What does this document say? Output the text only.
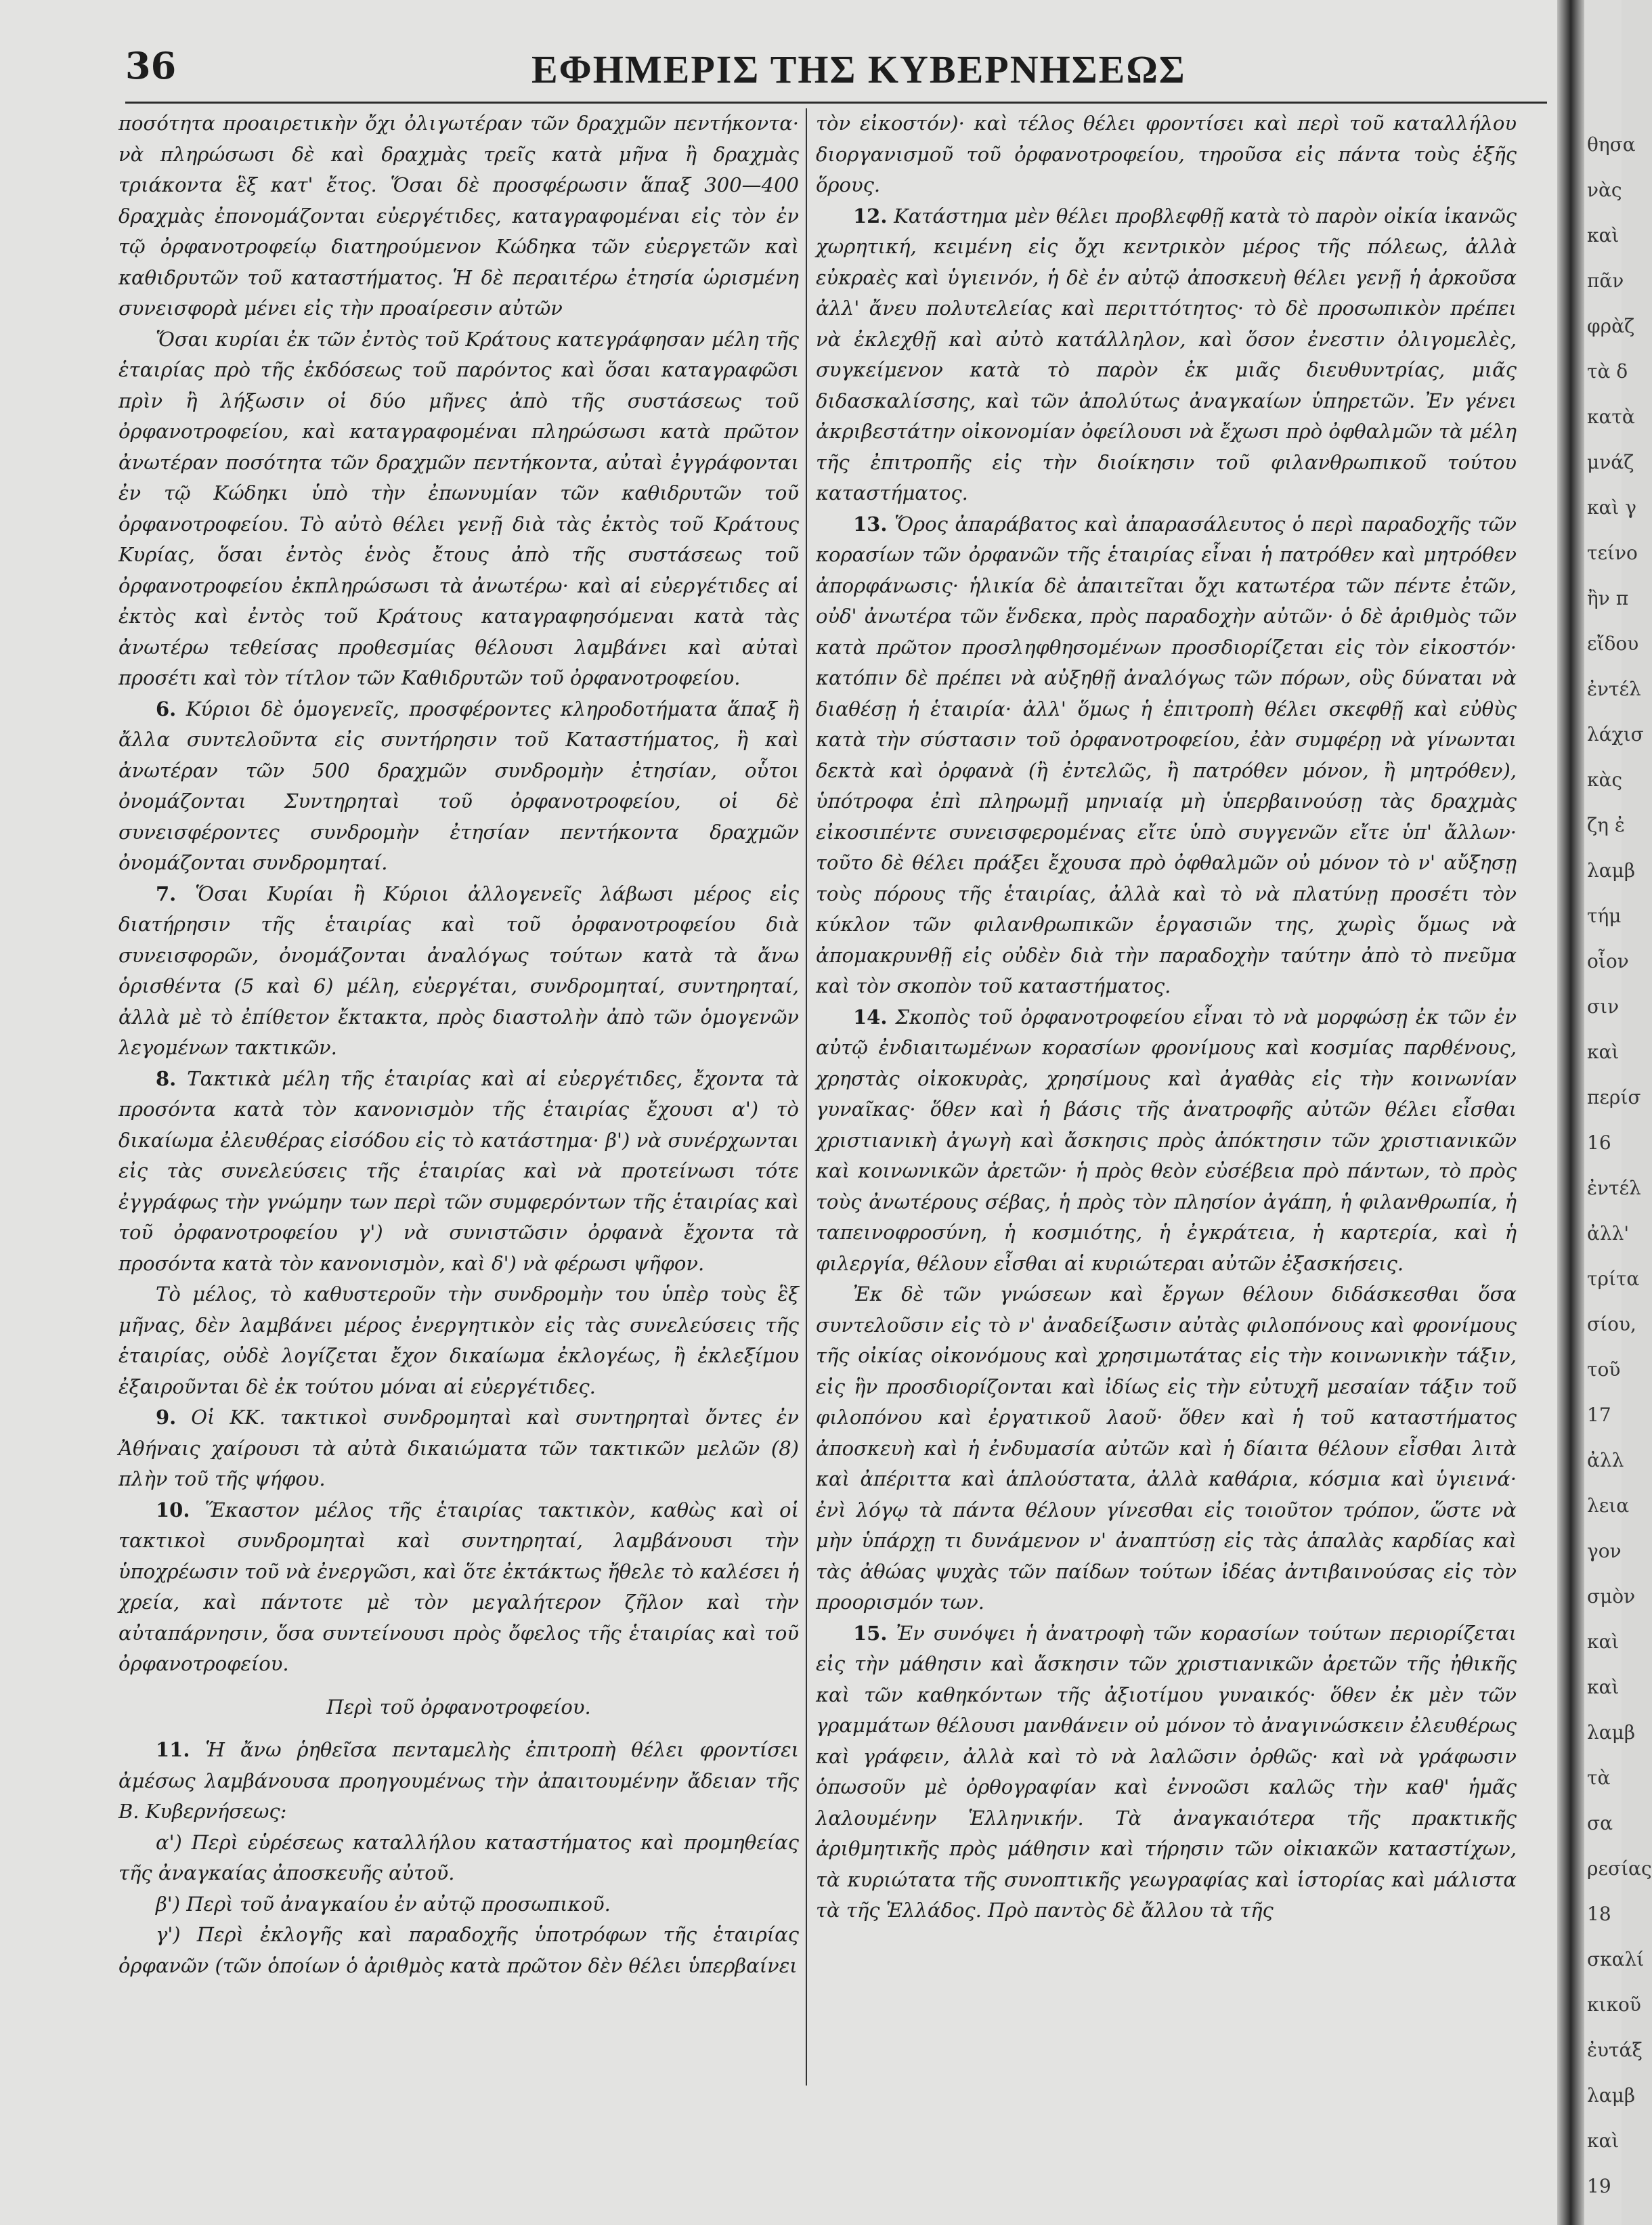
36	ΕΦΗΜΕΡΙΣ ΤΗΣ ΚΥΒΕΡΝΗΣΕΩΣ

ποσότητα προαιρετικὴν ὄχι ὀλιγωτέραν τῶν δραχμῶν πεντήκοντα· νὰ πληρώσωσι δὲ καὶ δραχμὰς τρεῖς κατὰ μῆνα ἢ δραχμὰς τριάκοντα ἓξ κατ' ἔτος. Ὅσαι δὲ προσφέρωσιν ἅπαξ 300—400 δραχμὰς ἐπονομάζονται εὐεργέτιδες, καταγραφομέναι εἰς τὸν ἐν τῷ ὀρφανοτροφείῳ διατηρούμενον Κώδηκα τῶν εὐεργετῶν καὶ καθιδρυτῶν τοῦ καταστήματος. Ἡ δὲ περαιτέρω ἐτησία ὡρισμένη συνεισφορὰ μένει εἰς τὴν προαίρεσιν αὐτῶν

Ὅσαι κυρίαι ἐκ τῶν ἐντὸς τοῦ Κράτους κατεγράφησαν μέλη τῆς ἑταιρίας πρὸ τῆς ἐκδόσεως τοῦ παρόντος καὶ ὅσαι καταγραφῶσι πρὶν ἢ λήξωσιν οἱ δύο μῆνες ἀπὸ τῆς συστάσεως τοῦ ὀρφανοτροφείου, καὶ καταγραφομέναι πληρώσωσι κατὰ πρῶτον ἀνωτέραν ποσότητα τῶν δραχμῶν πεντήκοντα, αὐταὶ ἐγγράφονται ἐν τῷ Κώδηκι ὑπὸ τὴν ἐπωνυμίαν τῶν καθιδρυτῶν τοῦ ὀρφανοτροφείου. Τὸ αὐτὸ θέλει γενῇ διὰ τὰς ἐκτὸς τοῦ Κράτους Κυρίας, ὅσαι ἐντὸς ἑνὸς ἔτους ἀπὸ τῆς συστάσεως τοῦ ὀρφανοτροφείου ἐκπληρώσωσι τὰ ἀνωτέρω· καὶ αἱ εὐεργέτιδες αἱ ἐκτὸς καὶ ἐντὸς τοῦ Κράτους καταγραφησόμεναι κατὰ τὰς ἀνωτέρω τεθείσας προθεσμίας θέλουσι λαμβάνει καὶ αὐταὶ προσέτι καὶ τὸν τίτλον τῶν Καθιδρυτῶν τοῦ ὀρφανοτροφείου.

6. Κύριοι δὲ ὁμογενεῖς, προσφέροντες κληροδοτήματα ἅπαξ ἢ ἄλλα συντελοῦντα εἰς συντήρησιν τοῦ Καταστήματος, ἢ καὶ ἀνωτέραν τῶν 500 δραχμῶν συνδρομὴν ἐτησίαν, οὗτοι ὀνομάζονται Συντηρηταὶ τοῦ ὀρφανοτροφείου, οἱ δὲ συνεισφέροντες συνδρομὴν ἐτησίαν πεντήκοντα δραχμῶν ὀνομάζονται συνδρομηταί.

7. Ὅσαι Κυρίαι ἢ Κύριοι ἀλλογενεῖς λάβωσι μέρος εἰς διατήρησιν τῆς ἑταιρίας καὶ τοῦ ὀρφανοτροφείου διὰ συνεισφορῶν, ὀνομάζονται ἀναλόγως τούτων κατὰ τὰ ἄνω ὁρισθέντα (5 καὶ 6) μέλη, εὐεργέται, συνδρομηταί, συντηρηταί, ἀλλὰ μὲ τὸ ἐπίθετον ἔκτακτα, πρὸς διαστολὴν ἀπὸ τῶν ὁμογενῶν λεγομένων τακτικῶν.

8. Τακτικὰ μέλη τῆς ἑταιρίας καὶ αἱ εὐεργέτιδες, ἔχοντα τὰ προσόντα κατὰ τὸν κανονισμὸν τῆς ἑταιρίας ἔχουσι α') τὸ δικαίωμα ἐλευθέρας εἰσόδου εἰς τὸ κατάστημα· β') νὰ συνέρχωνται εἰς τὰς συνελεύσεις τῆς ἑταιρίας καὶ νὰ προτείνωσι τότε ἐγγράφως τὴν γνώμην των περὶ τῶν συμφερόντων τῆς ἑταιρίας καὶ τοῦ ὀρφανοτροφείου γ') νὰ συνιστῶσιν ὀρφανὰ ἔχοντα τὰ προσόντα κατὰ τὸν κανονισμὸν, καὶ δ') νὰ φέρωσι ψῆφον.

Τὸ μέλος, τὸ καθυστεροῦν τὴν συνδρομὴν του ὑπὲρ τοὺς ἓξ μῆνας, δὲν λαμβάνει μέρος ἐνεργητικὸν εἰς τὰς συνελεύσεις τῆς ἑταιρίας, οὐδὲ λογίζεται ἔχον δικαίωμα ἐκλογέως, ἢ ἐκλεξίμου ἐξαιροῦνται δὲ ἐκ τούτου μόναι αἱ εὐεργέτιδες.

9. Οἱ ΚΚ. τακτικοὶ συνδρομηταὶ καὶ συντηρηταὶ ὄντες ἐν Ἀθήναις χαίρουσι τὰ αὐτὰ δικαιώματα τῶν τακτικῶν μελῶν (8) πλὴν τοῦ τῆς ψήφου.

10. Ἕκαστον μέλος τῆς ἑταιρίας τακτικὸν, καθὼς καὶ οἱ τακτικοὶ συνδρομηταὶ καὶ συντηρηταί, λαμβάνουσι τὴν ὑποχρέωσιν τοῦ νὰ ἐνεργῶσι, καὶ ὅτε ἐκτάκτως ἤθελε τὸ καλέσει ἡ χρεία, καὶ πάντοτε μὲ τὸν μεγαλήτερον ζῆλον καὶ τὴν αὐταπάρνησιν, ὅσα συντείνουσι πρὸς ὄφελος τῆς ἑταιρίας καὶ τοῦ ὀρφανοτροφείου.

Περὶ τοῦ ὀρφανοτροφείου.

11. Ἡ ἄνω ῥηθεῖσα πενταμελὴς ἐπιτροπὴ θέλει φροντίσει ἀμέσως λαμβάνουσα προηγουμένως τὴν ἀπαιτουμένην ἄδειαν τῆς Β. Κυβερνήσεως:

α') Περὶ εὑρέσεως καταλλήλου καταστήματος καὶ προμηθείας τῆς ἀναγκαίας ἀποσκευῆς αὐτοῦ.

β') Περὶ τοῦ ἀναγκαίου ἐν αὐτῷ προσωπικοῦ.

γ') Περὶ ἐκλογῆς καὶ παραδοχῆς ὑποτρόφων τῆς ἑταιρίας ὀρφανῶν (τῶν ὁποίων ὁ ἀριθμὸς κατὰ πρῶτον δὲν θέλει ὑπερβαίνει

τὸν εἰκοστόν)· καὶ τέλος θέλει φροντίσει καὶ περὶ τοῦ καταλλήλου διοργανισμοῦ τοῦ ὀρφανοτροφείου, τηροῦσα εἰς πάντα τοὺς ἑξῆς ὅρους.

12. Κατάστημα μὲν θέλει προβλεφθῇ κατὰ τὸ παρὸν οἰκία ἱκανῶς χωρητική, κειμένη εἰς ὄχι κεντρικὸν μέρος τῆς πόλεως, ἀλλὰ εὐκραὲς καὶ ὑγιεινόν, ἡ δὲ ἐν αὐτῷ ἀποσκευὴ θέλει γενῇ ἡ ἀρκοῦσα ἀλλ' ἄνευ πολυτελείας καὶ περιττότητος· τὸ δὲ προσωπικὸν πρέπει νὰ ἐκλεχθῇ καὶ αὐτὸ κατάλληλον, καὶ ὅσον ἐνεστιν ὀλιγομελὲς, συγκείμενον κατὰ τὸ παρὸν ἐκ μιᾶς διευθυντρίας, μιᾶς διδασκαλίσσης, καὶ τῶν ἀπολύτως ἀναγκαίων ὑπηρετῶν. Ἐν γένει ἀκριβεστάτην οἰκονομίαν ὀφείλουσι νὰ ἔχωσι πρὸ ὀφθαλμῶν τὰ μέλη τῆς ἐπιτροπῆς εἰς τὴν διοίκησιν τοῦ φιλανθρωπικοῦ τούτου καταστήματος.

13. Ὅρος ἀπαράβατος καὶ ἀπαρασάλευτος ὁ περὶ παραδοχῆς τῶν κορασίων τῶν ὀρφανῶν τῆς ἑταιρίας εἶναι ἡ πατρόθεν καὶ μητρόθεν ἀπορφάνωσις· ἡλικία δὲ ἀπαιτεῖται ὄχι κατωτέρα τῶν πέντε ἐτῶν, οὐδ' ἀνωτέρα τῶν ἕνδεκα, πρὸς παραδοχὴν αὐτῶν· ὁ δὲ ἀριθμὸς τῶν κατὰ πρῶτον προσληφθησομένων προσδιορίζεται εἰς τὸν εἰκοστόν· κατόπιν δὲ πρέπει νὰ αὐξηθῇ ἀναλόγως τῶν πόρων, οὓς δύναται νὰ διαθέσῃ ἡ ἑταιρία· ἀλλ' ὅμως ἡ ἐπιτροπὴ θέλει σκεφθῇ καὶ εὐθὺς κατὰ τὴν σύστασιν τοῦ ὀρφανοτροφείου, ἐὰν συμφέρῃ νὰ γίνωνται δεκτὰ καὶ ὀρφανὰ (ἢ ἐντελῶς, ἢ πατρόθεν μόνον, ἢ μητρόθεν), ὑπότροφα ἐπὶ πληρωμῇ μηνιαίᾳ μὴ ὑπερβαινούσῃ τὰς δραχμὰς εἰκοσιπέντε συνεισφερομένας εἴτε ὑπὸ συγγενῶν εἴτε ὑπ' ἄλλων· τοῦτο δὲ θέλει πράξει ἔχουσα πρὸ ὀφθαλμῶν οὐ μόνον τὸ ν' αὔξησῃ τοὺς πόρους τῆς ἑταιρίας, ἀλλὰ καὶ τὸ νὰ πλατύνῃ προσέτι τὸν κύκλον τῶν φιλανθρωπικῶν ἐργασιῶν της, χωρὶς ὅμως νὰ ἀπομακρυνθῇ εἰς οὐδὲν διὰ τὴν παραδοχὴν ταύτην ἀπὸ τὸ πνεῦμα καὶ τὸν σκοπὸν τοῦ καταστήματος.

14. Σκοπὸς τοῦ ὀρφανοτροφείου εἶναι τὸ νὰ μορφώσῃ ἐκ τῶν ἐν αὐτῷ ἐνδιαιτωμένων κορασίων φρονίμους καὶ κοσμίας παρθένους, χρηστὰς οἰκοκυρὰς, χρησίμους καὶ ἀγαθὰς εἰς τὴν κοινωνίαν γυναῖκας· ὅθεν καὶ ἡ βάσις τῆς ἀνατροφῆς αὐτῶν θέλει εἶσθαι χριστιανικὴ ἀγωγὴ καὶ ἄσκησις πρὸς ἀπόκτησιν τῶν χριστιανικῶν καὶ κοινωνικῶν ἀρετῶν· ἡ πρὸς θεὸν εὐσέβεια πρὸ πάντων, τὸ πρὸς τοὺς ἀνωτέρους σέβας, ἡ πρὸς τὸν πλησίον ἀγάπη, ἡ φιλανθρωπία, ἡ ταπεινοφροσύνη, ἡ κοσμιότης, ἡ ἐγκράτεια, ἡ καρτερία, καὶ ἡ φιλεργία, θέλουν εἶσθαι αἱ κυριώτεραι αὐτῶν ἐξασκήσεις.

Ἐκ δὲ τῶν γνώσεων καὶ ἔργων θέλουν διδάσκεσθαι ὅσα συντελοῦσιν εἰς τὸ ν' ἀναδείξωσιν αὐτὰς φιλοπόνους καὶ φρονίμους τῆς οἰκίας οἰκονόμους καὶ χρησιμωτάτας εἰς τὴν κοινωνικὴν τάξιν, εἰς ἣν προσδιορίζονται καὶ ἰδίως εἰς τὴν εὐτυχῆ μεσαίαν τάξιν τοῦ φιλοπόνου καὶ ἐργατικοῦ λαοῦ· ὅθεν καὶ ἡ τοῦ καταστήματος ἀποσκευὴ καὶ ἡ ἐνδυμασία αὐτῶν καὶ ἡ δίαιτα θέλουν εἶσθαι λιτὰ καὶ ἀπέριττα καὶ ἁπλούστατα, ἀλλὰ καθάρια, κόσμια καὶ ὑγιεινά· ἐνὶ λόγῳ τὰ πάντα θέλουν γίνεσθαι εἰς τοιοῦτον τρόπον, ὥστε νὰ μὴν ὑπάρχῃ τι δυνάμενον ν' ἀναπτύσῃ εἰς τὰς ἁπαλὰς καρδίας καὶ τὰς ἀθώας ψυχὰς τῶν παίδων τούτων ἰδέας ἀντιβαινούσας εἰς τὸν προορισμόν των.

15. Ἐν συνόψει ἡ ἀνατροφὴ τῶν κορασίων τούτων περιορίζεται εἰς τὴν μάθησιν καὶ ἄσκησιν τῶν χριστιανικῶν ἀρετῶν τῆς ἠθικῆς καὶ τῶν καθηκόντων τῆς ἀξιοτίμου γυναικός· ὅθεν ἐκ μὲν τῶν γραμμάτων θέλουσι μανθάνειν οὐ μόνον τὸ ἀναγινώσκειν ἐλευθέρως καὶ γράφειν, ἀλλὰ καὶ τὸ νὰ λαλῶσιν ὀρθῶς· καὶ νὰ γράφωσιν ὁπωσοῦν μὲ ὀρθογραφίαν καὶ ἐννοῶσι καλῶς τὴν καθ' ἡμᾶς λαλουμένην Ἑλληνικήν. Τὰ ἀναγκαιότερα τῆς πρακτικῆς ἀριθμητικῆς πρὸς μάθησιν καὶ τήρησιν τῶν οἰκιακῶν καταστίχων, τὰ κυριώτατα τῆς συνοπτικῆς γεωγραφίας καὶ ἱστορίας καὶ μάλιστα τὰ τῆς Ἑλλάδος. Πρὸ παντὸς δὲ ἄλλου τὰ τῆς

θησα
νὰς
καὶ
πᾶν
φρὰζ
τὰ δ
κατὰ
μνάζ
καὶ γ
τείνο
ἢν π
εἴδου
ἐντέλ
λάχισ
κὰς
ζη ἐ
λαμβ
τήμ
οἷον
σιν
καὶ
περίσ
16
ἐντέλ
ἀλλ'
τρίτα
σίου,
τοῦ
17
ἀλλ
λεια
γον
σμὸν
καὶ
καὶ
λαμβ
τὰ
σα
ρεσίας
18
σκαλί
κικοῦ
ἐυτάξ
λαμβ
καὶ
19
